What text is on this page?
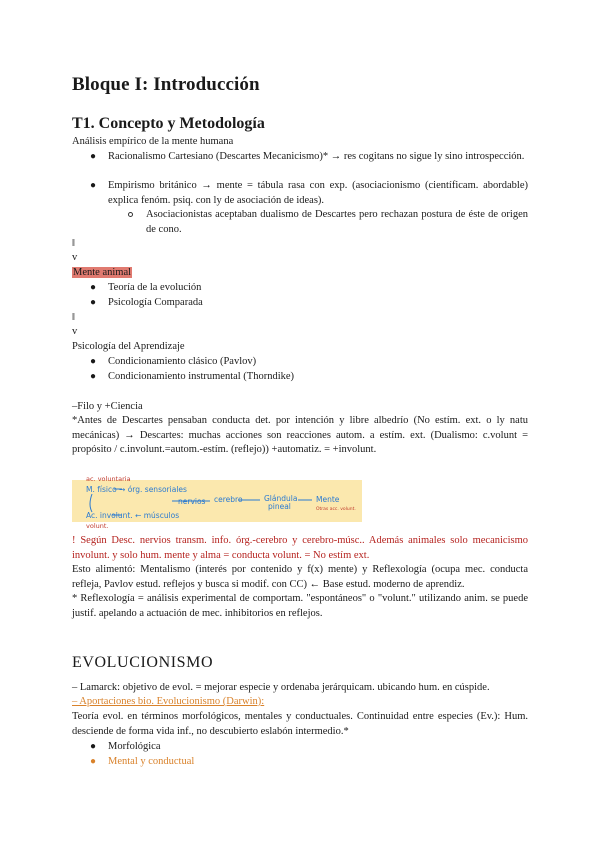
Bloque I: Introducción
T1. Concepto y Metodología
Análisis empírico de la mente humana
● Racionalismo Cartesiano (Descartes Mecanicismo)* → res cogitans no sigue ly sino introspección.
● Empirismo británico → mente = tábula rasa con exp. (asociacionismo (científicam. abordable) explica fenóm. psiq. con ly de asociación de ideas).
Asociacionistas aceptaban dualismo de Descartes pero rechazan postura de éste de origen de cono.
‖
v
Mente animal
● Teoría de la evolución
● Psicología Comparada
‖
v
Psicología del Aprendizaje
● Condicionamiento clásico (Pavlov)
● Condicionamiento instrumental (Thorndike)
–Filo y +Ciencia
*Antes de Descartes pensaban conducta det. por intención y libre albedrío (No estím. ext. o ly natu mecánicas) → Descartes: muchas acciones son reacciones autom. a estím. ext. (Dualismo: c.volunt = propósito / c.involunt.=autom.-estím. (reflejo)) +automatiz. = +involunt.
ac. voluntaria
volunt.
M. físico → órg. sensoriales
Ac. involunt. ← músculos
nervios cerebro	Glándula
pineal
Mente
Otras acc. volunt.
! Según Desc. nervios transm. info. órg.-cerebro y cerebro-músc.. Además animales solo mecanicismo involunt. y solo hum. mente y alma = conducta volunt. = No estím ext.
Esto alimentó: Mentalismo (interés por contenido y f(x) mente) y Reflexología (ocupa mec. conducta refleja, Pavlov estud. reflejos y busca si modif. con CC) ← Base estud. moderno de aprendiz.
* Reflexología = análisis experimental de comportam. "espontáneos" o "volunt." utilizando anim. se puede justif. apelando a actuación de mec. inhibitorios en reflejos.
EVOLUCIONISMO
– Lamarck: objetivo de evol. = mejorar especie y ordenaba jerárquicam. ubicando hum. en cúspide.
– Aportaciones bio. Evolucionismo (Darwin):
Teoría evol. en términos morfológicos, mentales y conductuales. Continuidad entre especies (Ev.): Hum. desciende de forma vida inf., no descubierto eslabón intermedio.*
● Morfológica
● Mental y conductual
